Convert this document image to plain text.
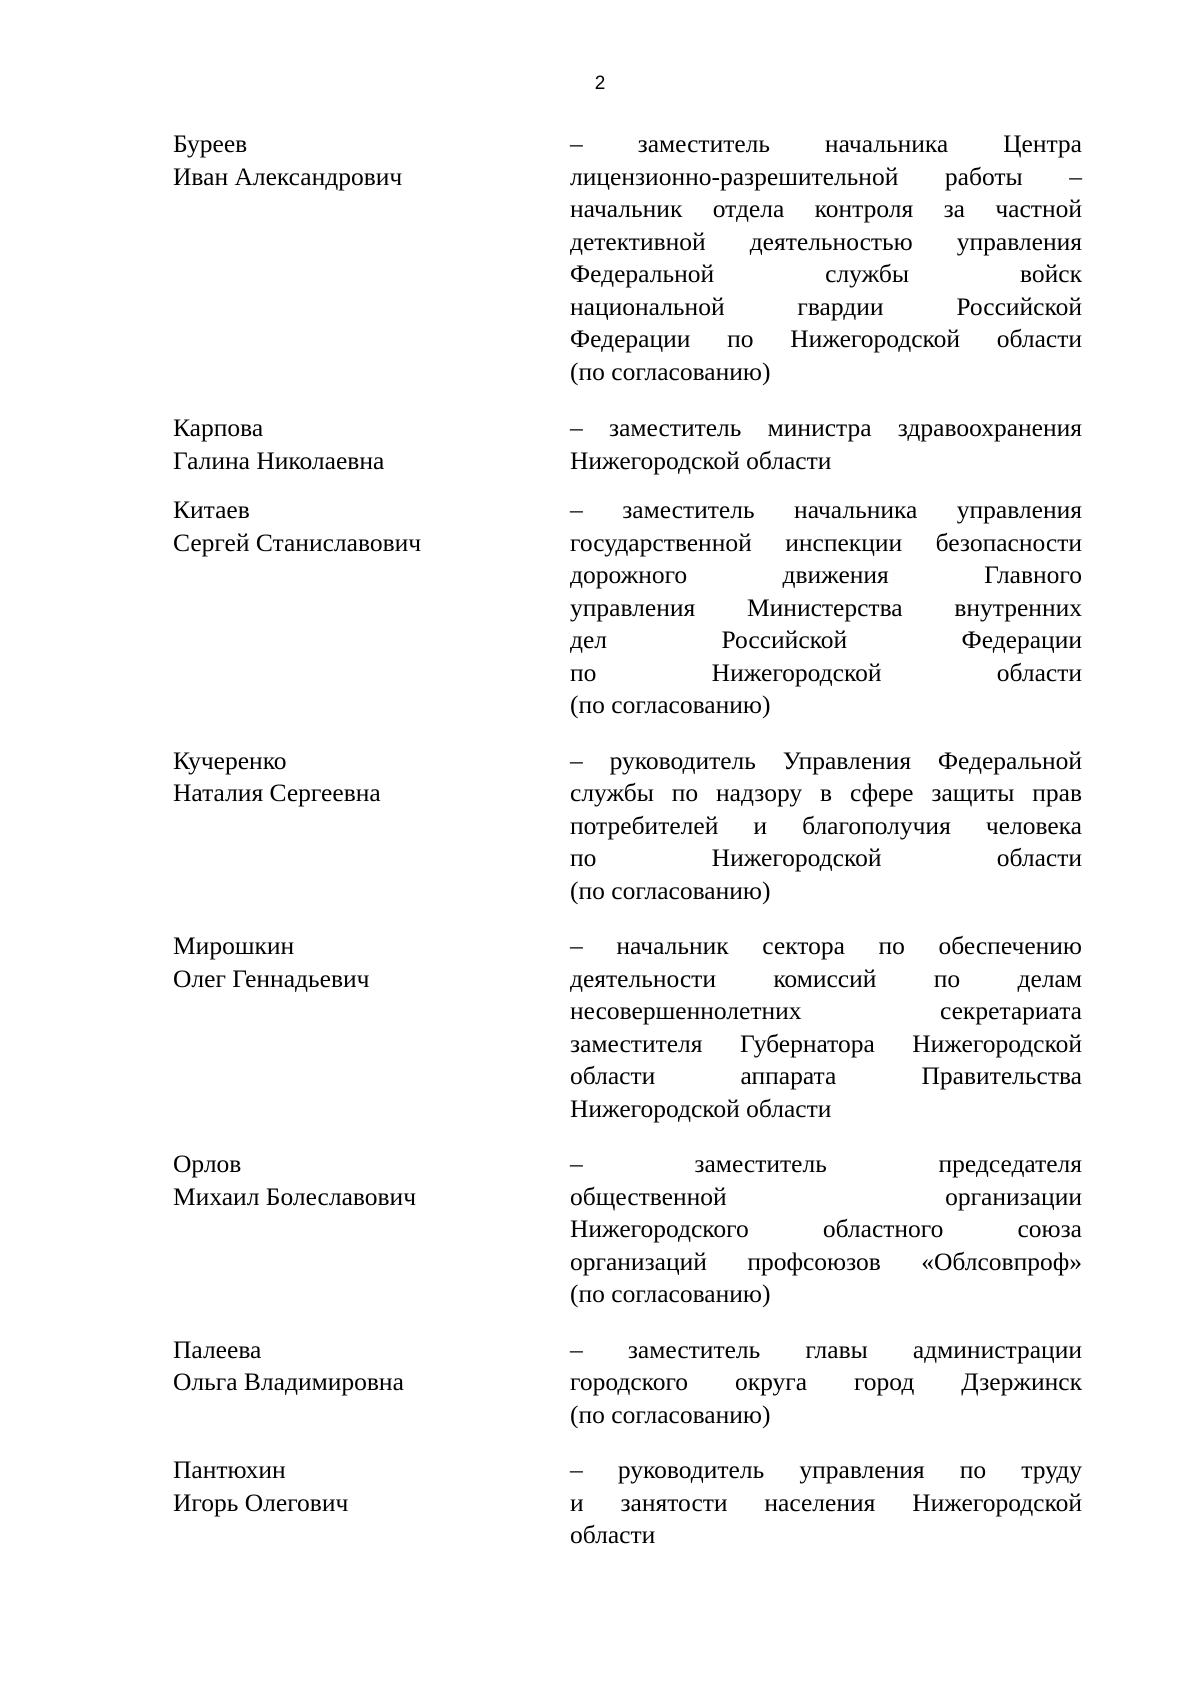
2
Буреев
Иван Александрович
– заместитель начальника Центра
лицензионно-разрешительной работы –
начальник отдела контроля за частной
детективной деятельностью управления
Федеральной службы войск
национальной гвардии Российской
Федерации по Нижегородской области
(по согласованию)
Карпова
Галина Николаевна
– заместитель министра здравоохранения
Нижегородской области
Китаев
Сергей Станиславович
– заместитель начальника управления
государственной инспекции безопасности
дорожного движения Главного
управления Министерства внутренних
дел Российской Федерации
по Нижегородской области
(по согласованию)
Кучеренко
Наталия Сергеевна
– руководитель Управления Федеральной
службы по надзору в сфере защиты прав
потребителей и благополучия человека
по Нижегородской области
(по согласованию)
Мирошкин
Олег Геннадьевич
– начальник сектора по обеспечению
деятельности комиссий по делам
несовершеннолетних секретариата
заместителя Губернатора Нижегородской
области аппарата Правительства
Нижегородской области
Орлов
Михаил Болеславович
– заместитель председателя
общественной организации
Нижегородского областного союза
организаций профсоюзов «Облсовпроф»
(по согласованию)
Палеева
Ольга Владимировна
– заместитель главы администрации
городского округа город Дзержинск
(по согласованию)
Пантюхин
Игорь Олегович
– руководитель управления по труду
и занятости населения Нижегородской
области
